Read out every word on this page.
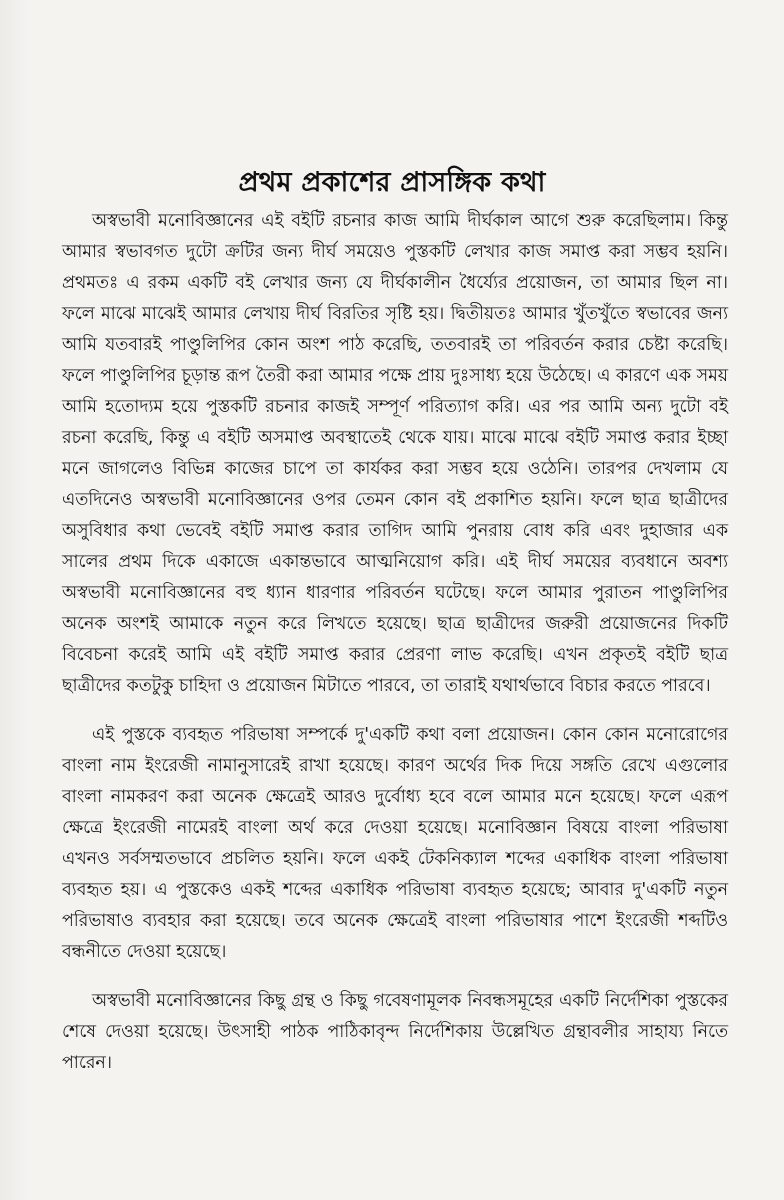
প্রথম প্রকাশের প্রাসঙ্গিক কথা

অস্বভাবী মনোবিজ্ঞানের এই বইটি রচনার কাজ আমি দীর্ঘকাল আগে শুরু করেছিলাম। কিন্তু আমার স্বভাবগত দুটো ক্রটির জন্য দীর্ঘ সময়েও পুস্তকটি লেখার কাজ সমাপ্ত করা সম্ভব হয়নি। প্রথমতঃ এ রকম একটি বই লেখার জন্য যে দীর্ঘকালীন ধৈর্য্যের প্রয়োজন, তা আমার ছিল না। ফলে মাঝে মাঝেই আমার লেখায় দীর্ঘ বিরতির সৃষ্টি হয়। দ্বিতীয়তঃ আমার খুঁতখুঁতে স্বভাবের জন্য আমি যতবারই পাণ্ডুলিপির কোন অংশ পাঠ করেছি, ততবারই তা পরিবর্তন করার চেষ্টা করেছি। ফলে পাণ্ডুলিপির চূড়ান্ত রূপ তৈরী করা আমার পক্ষে প্রায় দুঃসাধ্য হয়ে উঠেছে। এ কারণে এক সময় আমি হতোদ্যম হয়ে পুস্তকটি রচনার কাজই সম্পূর্ণ পরিত্যাগ করি। এর পর আমি অন্য দুটো বই রচনা করেছি, কিন্তু এ বইটি অসমাপ্ত অবস্থাতেই থেকে যায়। মাঝে মাঝে বইটি সমাপ্ত করার ইচ্ছা মনে জাগলেও বিভিন্ন কাজের চাপে তা কার্যকর করা সম্ভব হয়ে ওঠেনি। তারপর দেখলাম যে এতদিনেও অস্বভাবী মনোবিজ্ঞানের ওপর তেমন কোন বই প্রকাশিত হয়নি। ফলে ছাত্র ছাত্রীদের অসুবিধার কথা ভেবেই বইটি সমাপ্ত করার তাগিদ আমি পুনরায় বোধ করি এবং দুহাজার এক সালের প্রথম দিকে একাজে একান্তভাবে আত্মনিয়োগ করি। এই দীর্ঘ সময়ের ব্যবধানে অবশ্য অস্বভাবী মনোবিজ্ঞানের বহু ধ্যান ধারণার পরিবর্তন ঘটেছে। ফলে আমার পুরাতন পাণ্ডুলিপির অনেক অংশই আমাকে নতুন করে লিখতে হয়েছে। ছাত্র ছাত্রীদের জরুরী প্রয়োজনের দিকটি বিবেচনা করেই আমি এই বইটি সমাপ্ত করার প্রেরণা লাভ করেছি। এখন প্রকৃতই বইটি ছাত্র ছাত্রীদের কতটুকু চাহিদা ও প্রয়োজন মিটাতে পারবে, তা তারাই যথার্থভাবে বিচার করতে পারবে।

এই পুস্তকে ব্যবহৃত পরিভাষা সম্পর্কে দু'একটি কথা বলা প্রয়োজন। কোন কোন মনোরোগের বাংলা নাম ইংরেজী নামানুসারেই রাখা হয়েছে। কারণ অর্থের দিক দিয়ে সঙ্গতি রেখে এগুলোর বাংলা নামকরণ করা অনেক ক্ষেত্রেই আরও দুর্বোধ্য হবে বলে আমার মনে হয়েছে। ফলে এরূপ ক্ষেত্রে ইংরেজী নামেরই বাংলা অর্থ করে দেওয়া হয়েছে। মনোবিজ্ঞান বিষয়ে বাংলা পরিভাষা এখনও সর্বসম্মতভাবে প্রচলিত হয়নি। ফলে একই টেকনিক্যাল শব্দের একাধিক বাংলা পরিভাষা ব্যবহৃত হয়। এ পুস্তকেও একই শব্দের একাধিক পরিভাষা ব্যবহৃত হয়েছে; আবার দু'একটি নতুন পরিভাষাও ব্যবহার করা হয়েছে। তবে অনেক ক্ষেত্রেই বাংলা পরিভাষার পাশে ইংরেজী শব্দটিও বন্ধনীতে দেওয়া হয়েছে।

অস্বভাবী মনোবিজ্ঞানের কিছু গ্রন্থ ও কিছু গবেষণামূলক নিবন্ধসমূহের একটি নির্দেশিকা পুস্তকের শেষে দেওয়া হয়েছে। উৎসাহী পাঠক পাঠিকাবৃন্দ নির্দেশিকায় উল্লেখিত গ্রন্থাবলীর সাহায্য নিতে পারেন।
